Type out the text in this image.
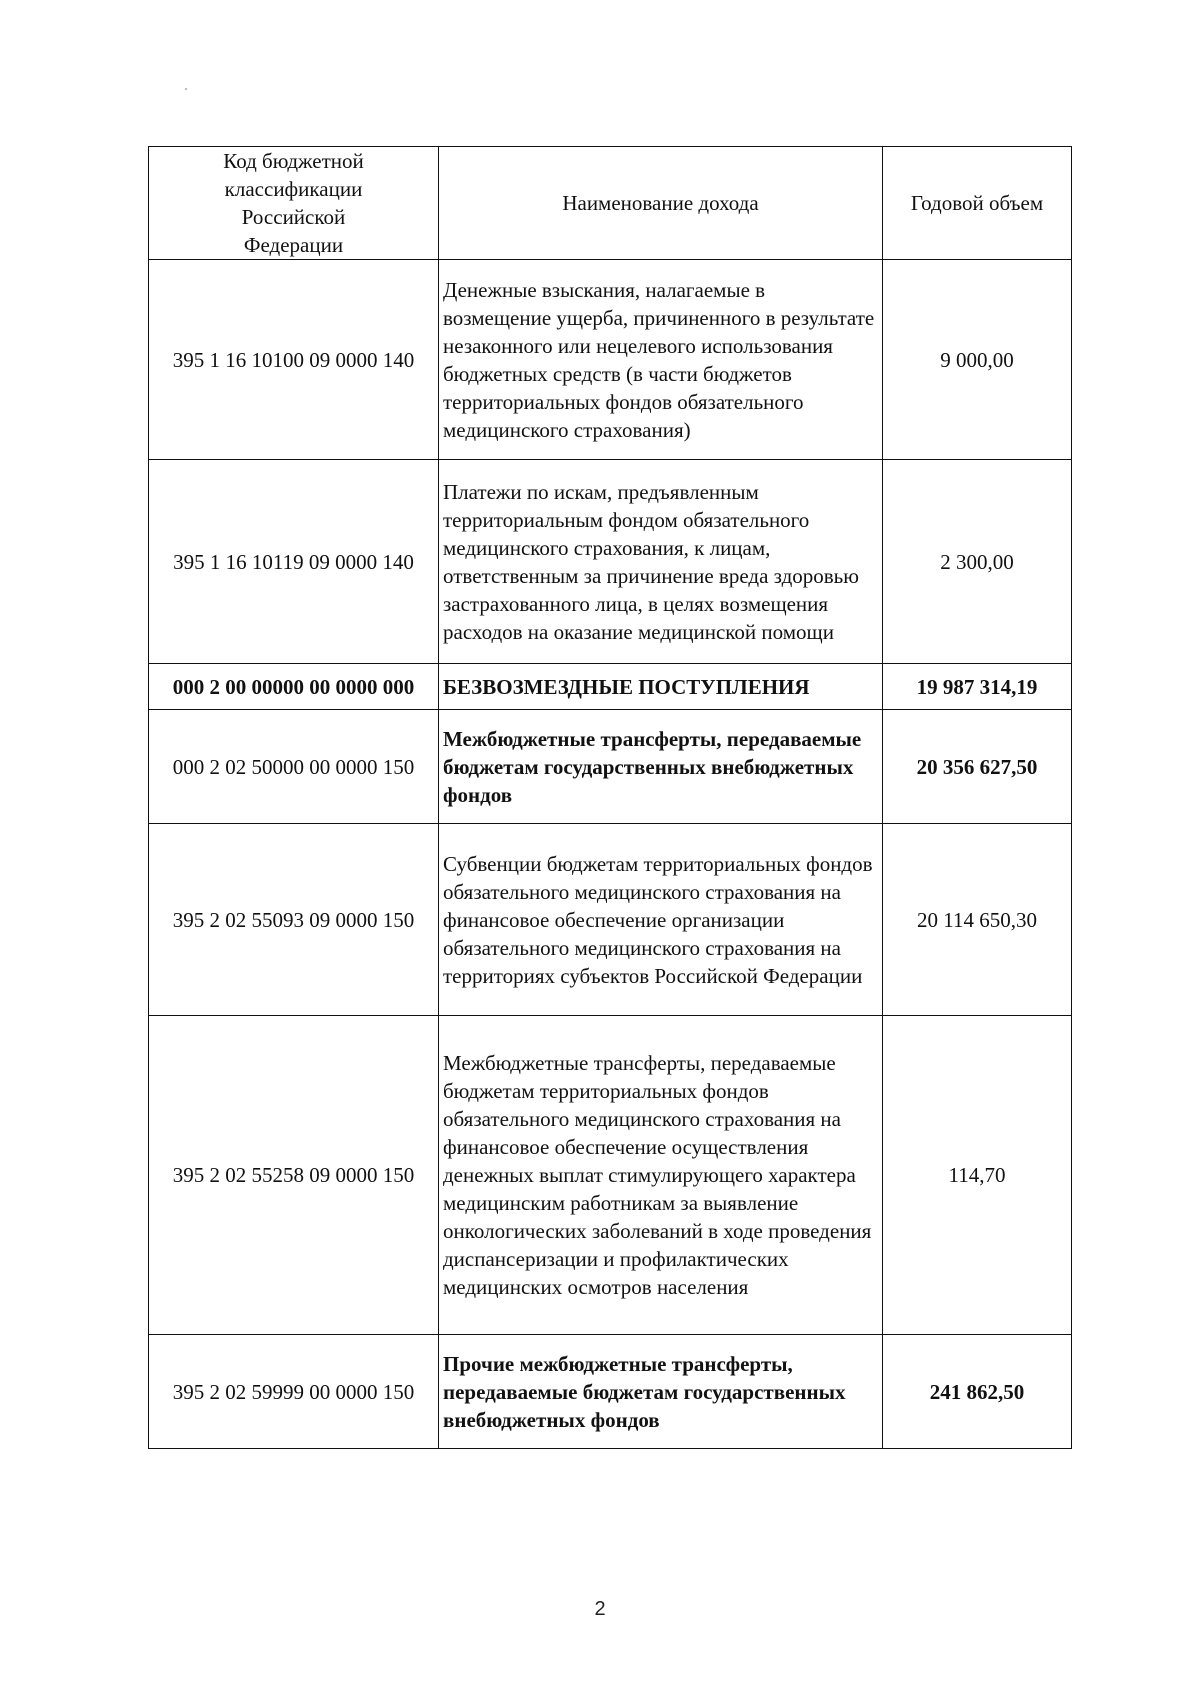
Код бюджетной классификации Российской Федерации	Наименование дохода	Годовой объем
395 1 16 10100 09 0000 140	Денежные взыскания, налагаемые в возмещение ущерба, причиненного в результате незаконного или нецелевого использования бюджетных средств (в части бюджетов территориальных фондов обязательного медицинского страхования)	9 000,00
395 1 16 10119 09 0000 140	Платежи по искам, предъявленным территориальным фондом обязательного медицинского страхования, к лицам, ответственным за причинение вреда здоровью застрахованного лица, в целях возмещения расходов на оказание медицинской помощи	2 300,00
000 2 00 00000 00 0000 000	БЕЗВОЗМЕЗДНЫЕ ПОСТУПЛЕНИЯ	19 987 314,19
000 2 02 50000 00 0000 150	Межбюджетные трансферты, передаваемые бюджетам государственных внебюджетных фондов	20 356 627,50
395 2 02 55093 09 0000 150	Субвенции бюджетам территориальных фондов обязательного медицинского страхования на финансовое обеспечение организации обязательного медицинского страхования на территориях субъектов Российской Федерации	20 114 650,30
395 2 02 55258 09 0000 150	Межбюджетные трансферты, передаваемые бюджетам территориальных фондов обязательного медицинского страхования на финансовое обеспечение осуществления денежных выплат стимулирующего характера медицинским работникам за выявление онкологических заболеваний в ходе проведения диспансеризации и профилактических медицинских осмотров населения	114,70
395 2 02 59999 00 0000 150	Прочие межбюджетные трансферты, передаваемые бюджетам государственных внебюджетных фондов	241 862,50
2
